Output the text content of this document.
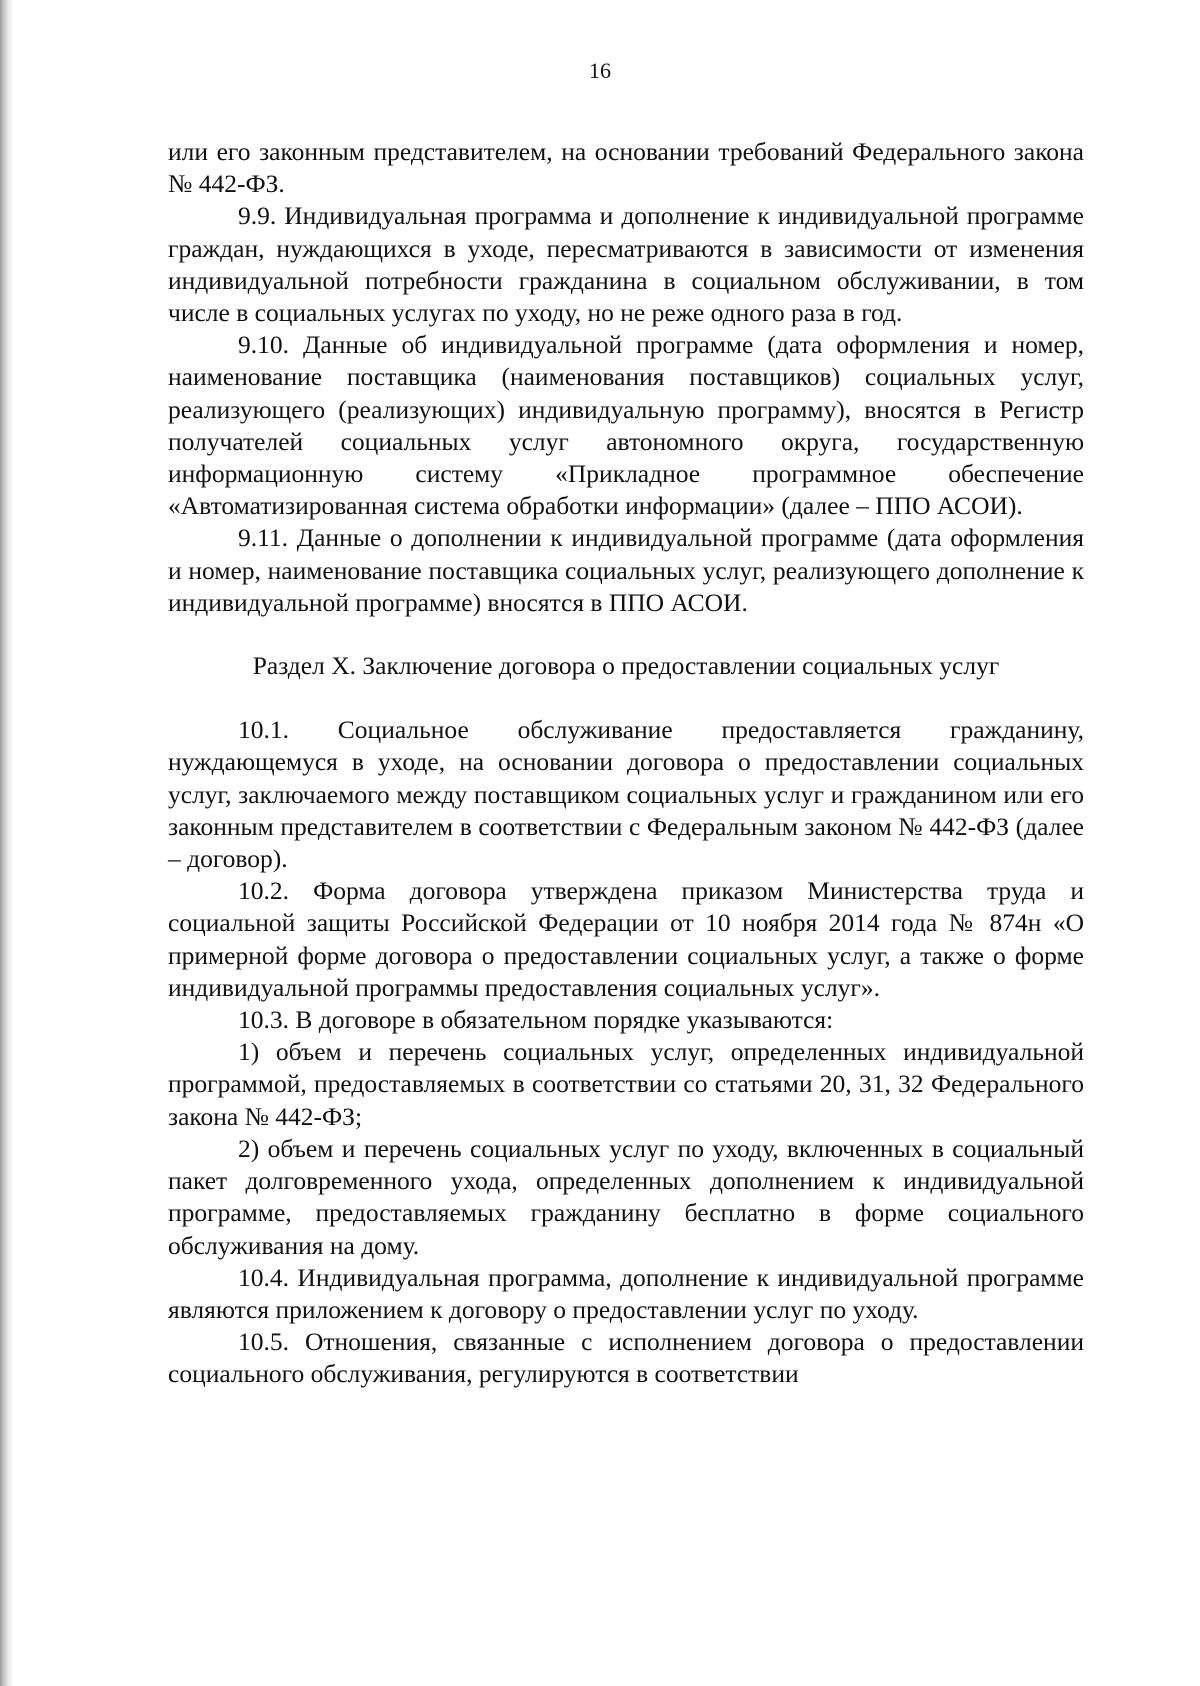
16

или его законным представителем, на основании требований Федерального закона № 442-ФЗ.

9.9. Индивидуальная программа и дополнение к индивидуальной программе граждан, нуждающихся в уходе, пересматриваются в зависимости от изменения индивидуальной потребности гражданина в социальном обслуживании, в том числе в социальных услугах по уходу, но не реже одного раза в год.

9.10. Данные об индивидуальной программе (дата оформления и номер, наименование поставщика (наименования поставщиков) социальных услуг, реализующего (реализующих) индивидуальную программу), вносятся в Регистр получателей социальных услуг автономного округа, государственную информационную систему «Прикладное программное обеспечение «Автоматизированная система обработки информации» (далее – ППО АСОИ).

9.11. Данные о дополнении к индивидуальной программе (дата оформления и номер, наименование поставщика социальных услуг, реализующего дополнение к индивидуальной программе) вносятся в ППО АСОИ.

Раздел X. Заключение договора о предоставлении социальных услуг

10.1. Социальное обслуживание предоставляется гражданину, нуждающемуся в уходе, на основании договора о предоставлении социальных услуг, заключаемого между поставщиком социальных услуг и гражданином или его законным представителем в соответствии с Федеральным законом № 442-ФЗ (далее – договор).

10.2. Форма договора утверждена приказом Министерства труда и социальной защиты Российской Федерации от 10 ноября 2014 года № 874н «О примерной форме договора о предоставлении социальных услуг, а также о форме индивидуальной программы предоставления социальных услуг».

10.3. В договоре в обязательном порядке указываются:

1) объем и перечень социальных услуг, определенных индивидуальной программой, предоставляемых в соответствии со статьями 20, 31, 32 Федерального закона № 442-ФЗ;

2) объем и перечень социальных услуг по уходу, включенных в социальный пакет долговременного ухода, определенных дополнением к индивидуальной программе, предоставляемых гражданину бесплатно в форме социального обслуживания на дому.

10.4. Индивидуальная программа, дополнение к индивидуальной программе являются приложением к договору о предоставлении услуг по уходу.

10.5. Отношения, связанные с исполнением договора о предоставлении социального обслуживания, регулируются в соответствии
